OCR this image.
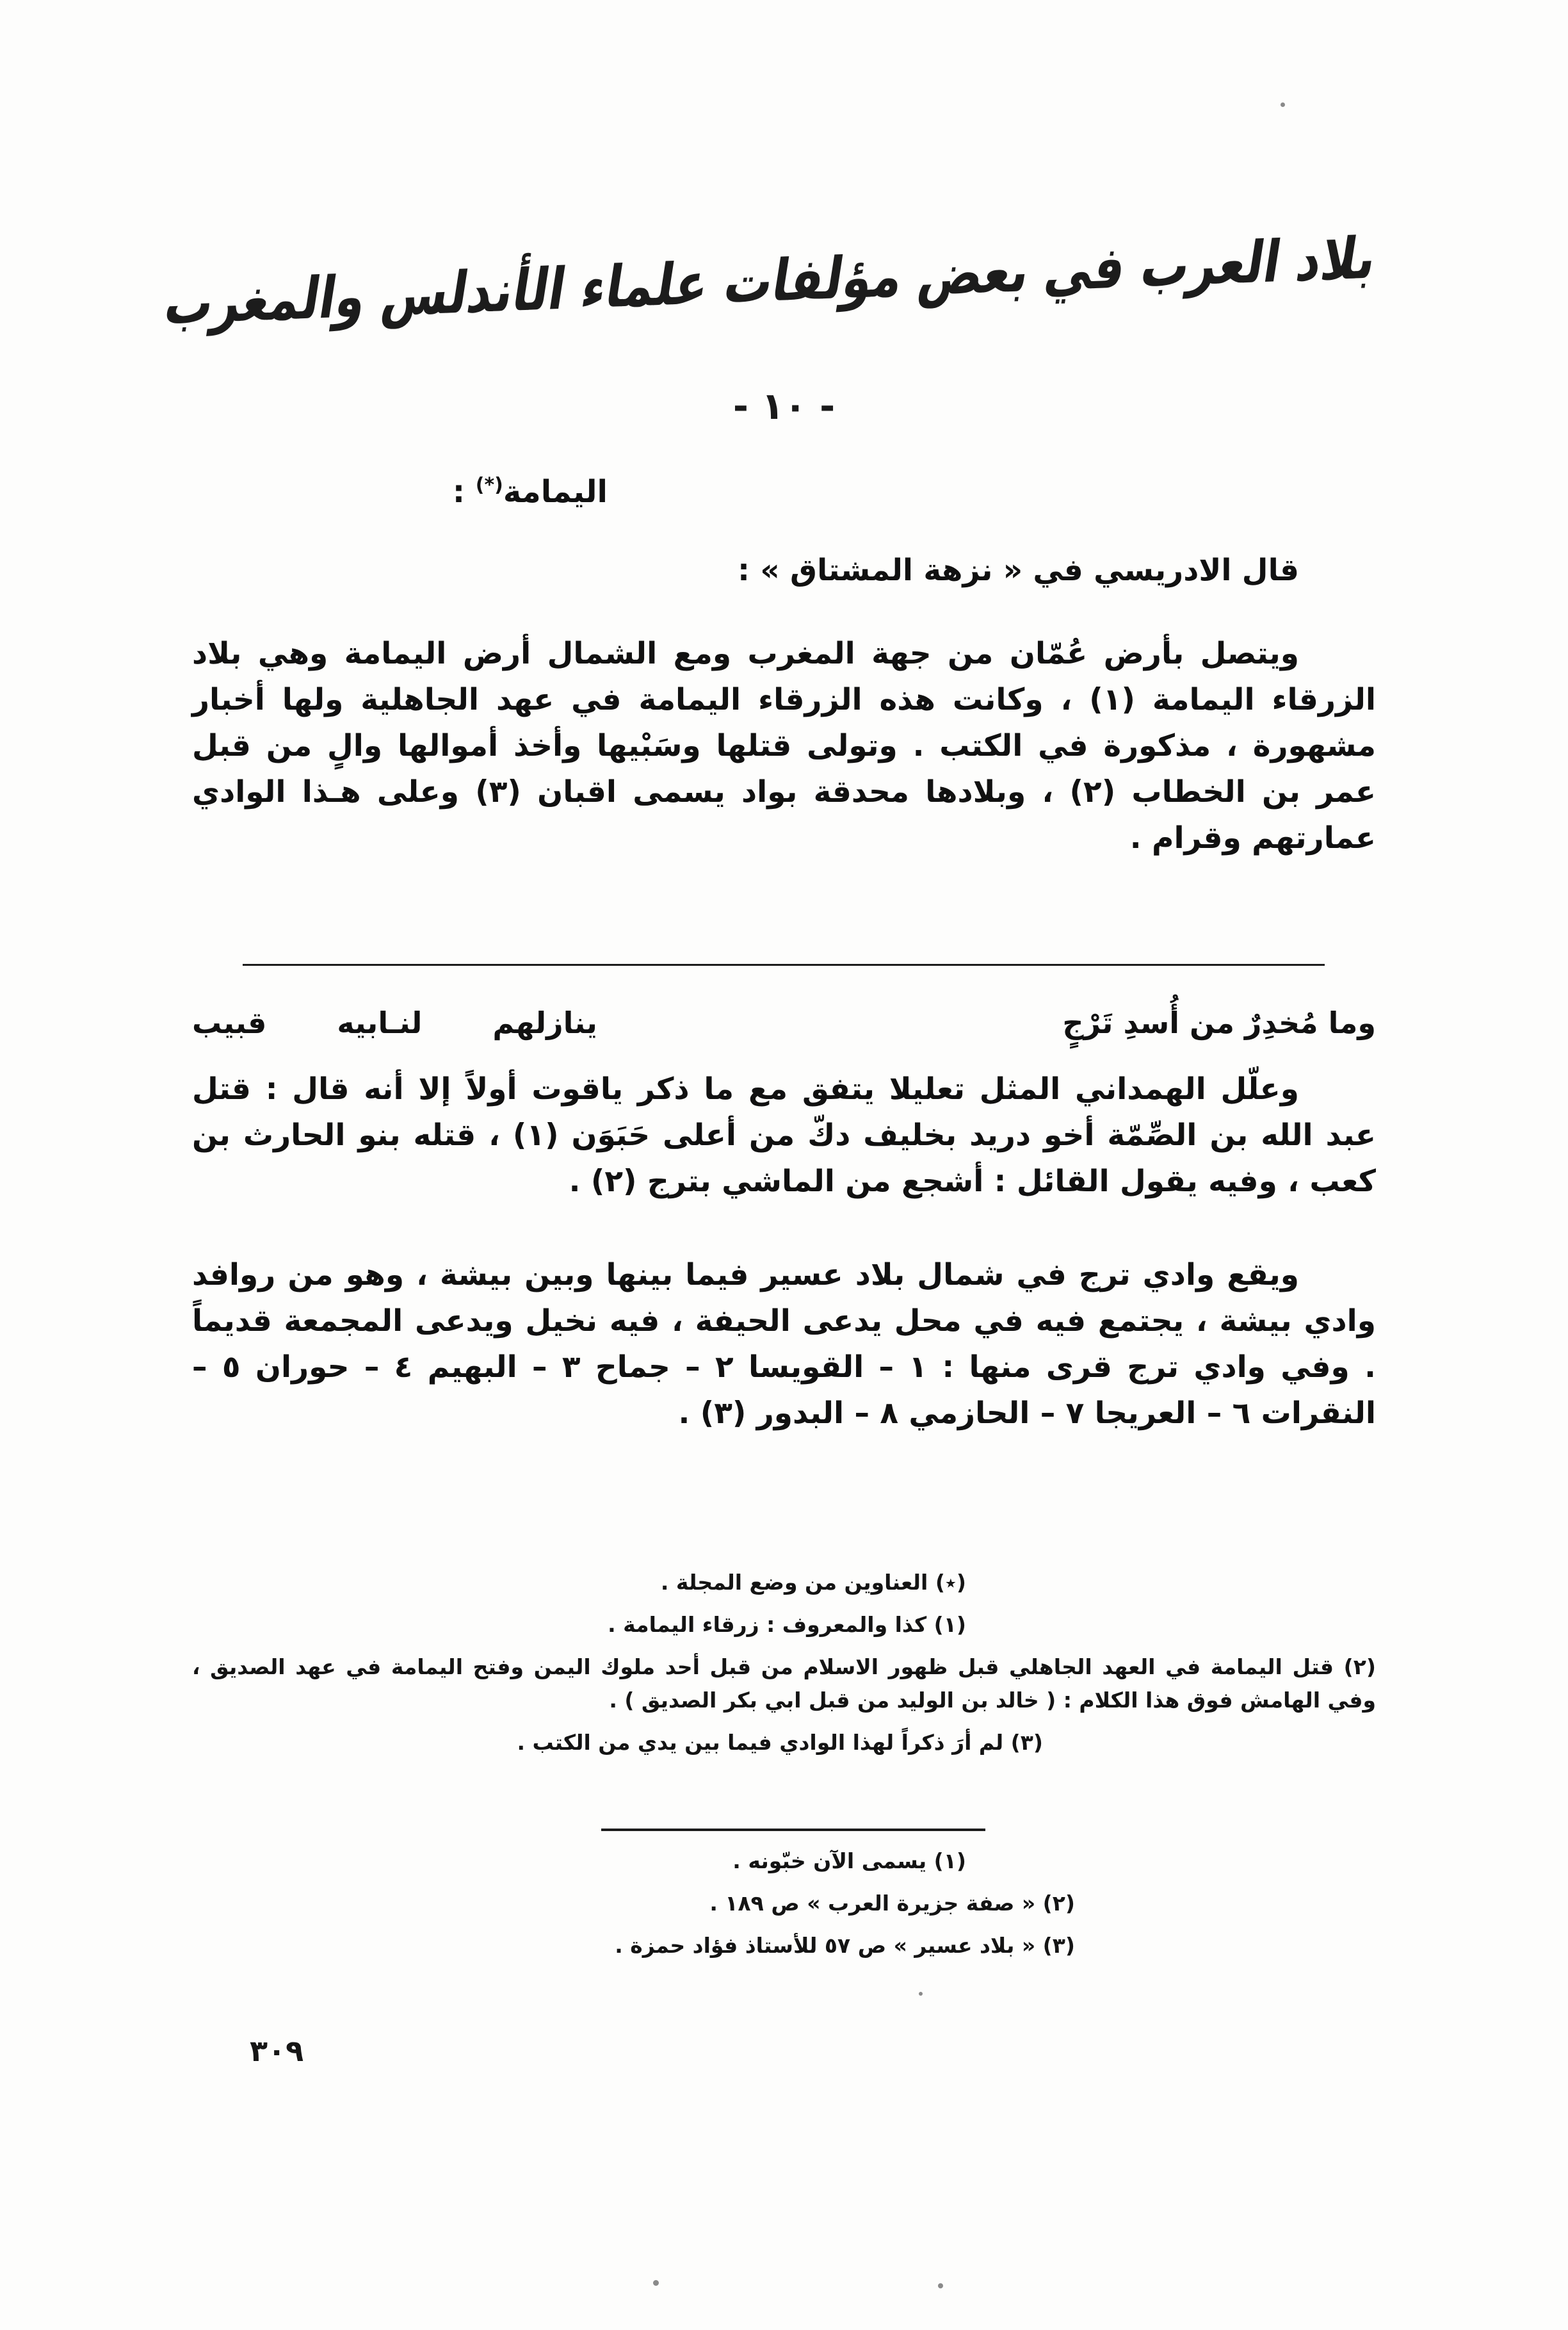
بلاد العرب في بعض مؤلفات علماء الأندلس والمغرب
- ١٠ -
اليمامة(*) :

قال الادريسي في « نزهة المشتاق » :

ويتصل بأرض عُمّان من جهة المغرب ومع الشمال أرض اليمامة وهي بلاد الزرقاء اليمامة (١) ، وكانت هذه الزرقاء اليمامة في عهد الجاهلية ولها أخبار مشهورة ، مذكورة في الكتب . وتولى قتلها وسَبْيها وأخذ أموالها والٍ من قبل عمر بن الخطاب (٢) ، وبلادها محدقة بواد يسمى اقبان (٣) وعلى هـذا الوادي عمارتهم وقرام .

وما مُخدِرٌ من أُسدِ تَرْجٍ
ينازلهم
لنـابيه
قبيب

وعلّل الهمداني المثل تعليلا يتفق مع ما ذكر ياقوت أولاً إلا أنه قال : قتل عبد الله بن الصِّمّة أخو دريد بخليف دكّ من أعلى حَبَوَن (١) ، قتله بنو الحارث بن كعب ، وفيه يقول القائل : أشجع من الماشي بترج (٢) .

ويقع وادي ترج في شمال بلاد عسير فيما بينها وبين بيشة ، وهو من روافد وادي بيشة ، يجتمع فيه في محل يدعى الحيفة ، فيه نخيل ويدعى المجمعة قديماً . وفي وادي ترج قرى منها : ١ – القويسا ٢ – جماح ٣ – البهيم ٤ – حوران ٥ – النقرات ٦ – العريجا ٧ – الحازمي ٨ – البدور (٣) .

(٭) العناوين من وضع المجلة .

(١) كذا والمعروف : زرقاء اليمامة .

(٢) قتل اليمامة في العهد الجاهلي قبل ظهور الاسلام من قبل أحد ملوك اليمن وفتح اليمامة في عهد الصديق ، وفي الهامش فوق هذا الكلام : ( خالد بن الوليد من قبل ابي بكر الصديق ) .

(٣) لم أرَ ذكراً لهذا الوادي فيما بين يدي من الكتب .

(١) يسمى الآن خبّونه .

(٢) « صفة جزيرة العرب » ص ١٨٩ .

(٣) « بلاد عسير » ص ٥٧ للأستاذ فؤاد حمزة .

٣٠٩
